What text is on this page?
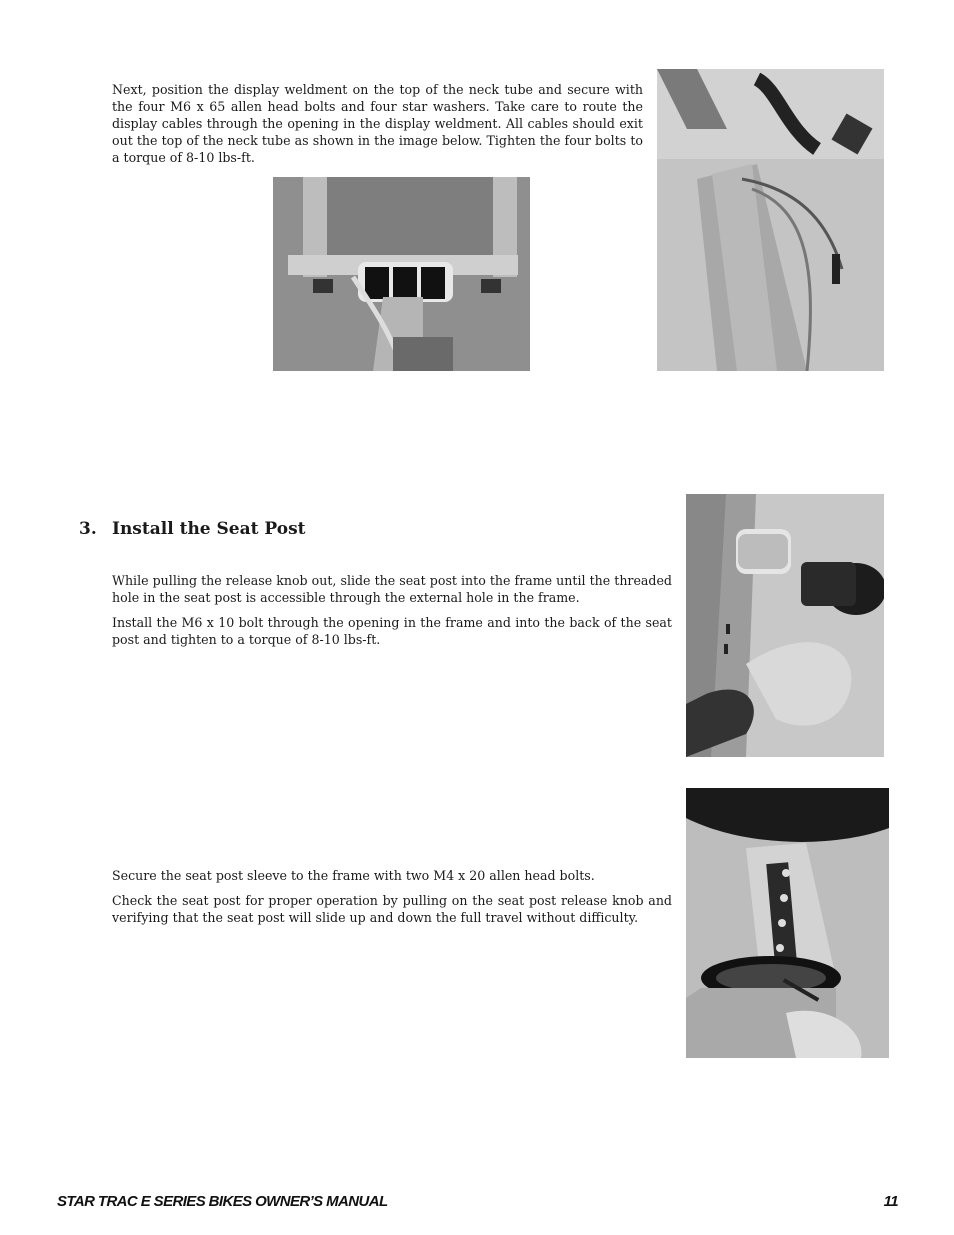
Next, position the display weldment on the top of the neck tube and secure with the four M6 x 65 allen head bolts and four star washers. Take care to route the display cables through the opening in the display weldment. All cables should exit out the top of the neck tube as shown in the image below. Tighten the four bolts to a torque of 8-10 lbs-ft.

3. Install the Seat Post

While pulling the release knob out, slide the seat post into the frame until the threaded hole in the seat post is accessible through the external hole in the frame.

Install the M6 x 10 bolt through the opening in the frame and into the back of the seat post and tighten to a torque of 8-10 lbs-ft.

Secure the seat post sleeve to the frame with two M4 x 20 allen head bolts.

Check the seat post for proper operation by pulling on the seat post release knob and verifying that the seat post will slide up and down the full travel without difficulty.

STAR TRAC E SERIES BIKES OWNER’S MANUAL	11
